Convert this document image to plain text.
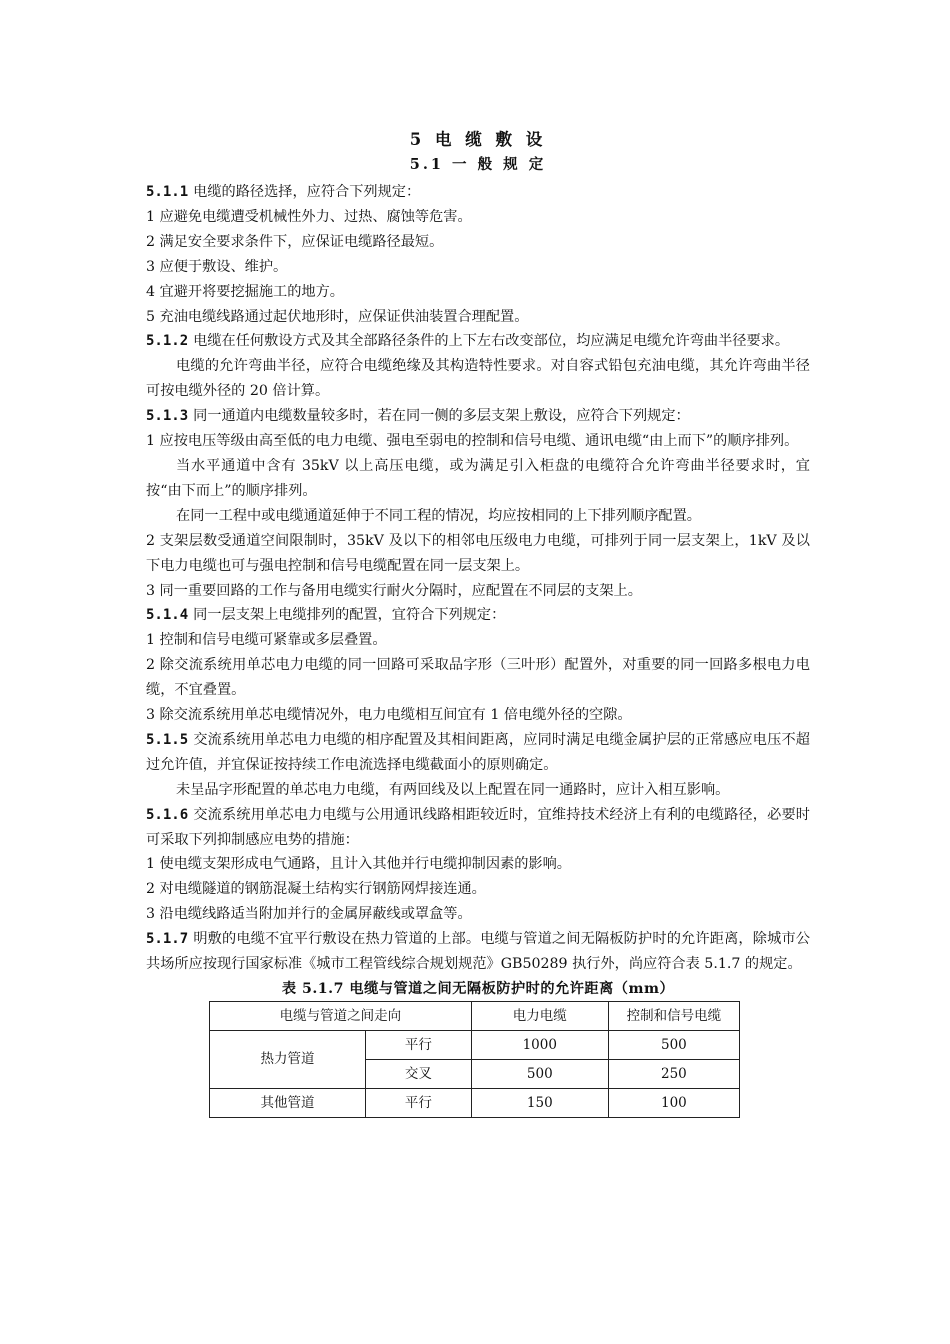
5 电 缆 敷 设
5.1 一 般 规 定

5.1.1 电缆的路径选择，应符合下列规定：

1 应避免电缆遭受机械性外力、过热、腐蚀等危害。

2 满足安全要求条件下，应保证电缆路径最短。

3 应便于敷设、维护。

4 宜避开将要挖掘施工的地方。

5 充油电缆线路通过起伏地形时，应保证供油装置合理配置。

5.1.2 电缆在任何敷设方式及其全部路径条件的上下左右改变部位，均应满足电缆允许弯曲半径要求。

电缆的允许弯曲半径，应符合电缆绝缘及其构造特性要求。对自容式铅包充油电缆，其允许弯曲半径可按电缆外径的 20 倍计算。

5.1.3 同一通道内电缆数量较多时，若在同一侧的多层支架上敷设，应符合下列规定：

1 应按电压等级由高至低的电力电缆、强电至弱电的控制和信号电缆、通讯电缆“由上而下”的顺序排列。

当水平通道中含有 35kV 以上高压电缆，或为满足引入柜盘的电缆符合允许弯曲半径要求时，宜按“由下而上”的顺序排列。

在同一工程中或电缆通道延伸于不同工程的情况，均应按相同的上下排列顺序配置。

2 支架层数受通道空间限制时，35kV 及以下的相邻电压级电力电缆，可排列于同一层支架上，1kV 及以下电力电缆也可与强电控制和信号电缆配置在同一层支架上。

3 同一重要回路的工作与备用电缆实行耐火分隔时，应配置在不同层的支架上。

5.1.4 同一层支架上电缆排列的配置，宜符合下列规定：

1 控制和信号电缆可紧靠或多层叠置。

2 除交流系统用单芯电力电缆的同一回路可采取品字形（三叶形）配置外，对重要的同一回路多根电力电缆，不宜叠置。

3 除交流系统用单芯电缆情况外，电力电缆相互间宜有 1 倍电缆外径的空隙。

5.1.5 交流系统用单芯电力电缆的相序配置及其相间距离，应同时满足电缆金属护层的正常感应电压不超过允许值，并宜保证按持续工作电流选择电缆截面小的原则确定。

未呈品字形配置的单芯电力电缆，有两回线及以上配置在同一通路时，应计入相互影响。

5.1.6 交流系统用单芯电力电缆与公用通讯线路相距较近时，宜维持技术经济上有利的电缆路径，必要时可采取下列抑制感应电势的措施：

1 使电缆支架形成电气通路，且计入其他并行电缆抑制因素的影响。

2 对电缆隧道的钢筋混凝土结构实行钢筋网焊接连通。

3 沿电缆线路适当附加并行的金属屏蔽线或罩盒等。

5.1.7 明敷的电缆不宜平行敷设在热力管道的上部。电缆与管道之间无隔板防护时的允许距离，除城市公共场所应按现行国家标准《城市工程管线综合规划规范》GB50289 执行外，尚应符合表 5.1.7 的规定。

表 5.1.7 电缆与管道之间无隔板防护时的允许距离（mm）
电缆与管道之间走向		电力电缆	控制和信号电缆
热力管道	平行	1000	500
	交叉	500	250
其他管道	平行	150	100
